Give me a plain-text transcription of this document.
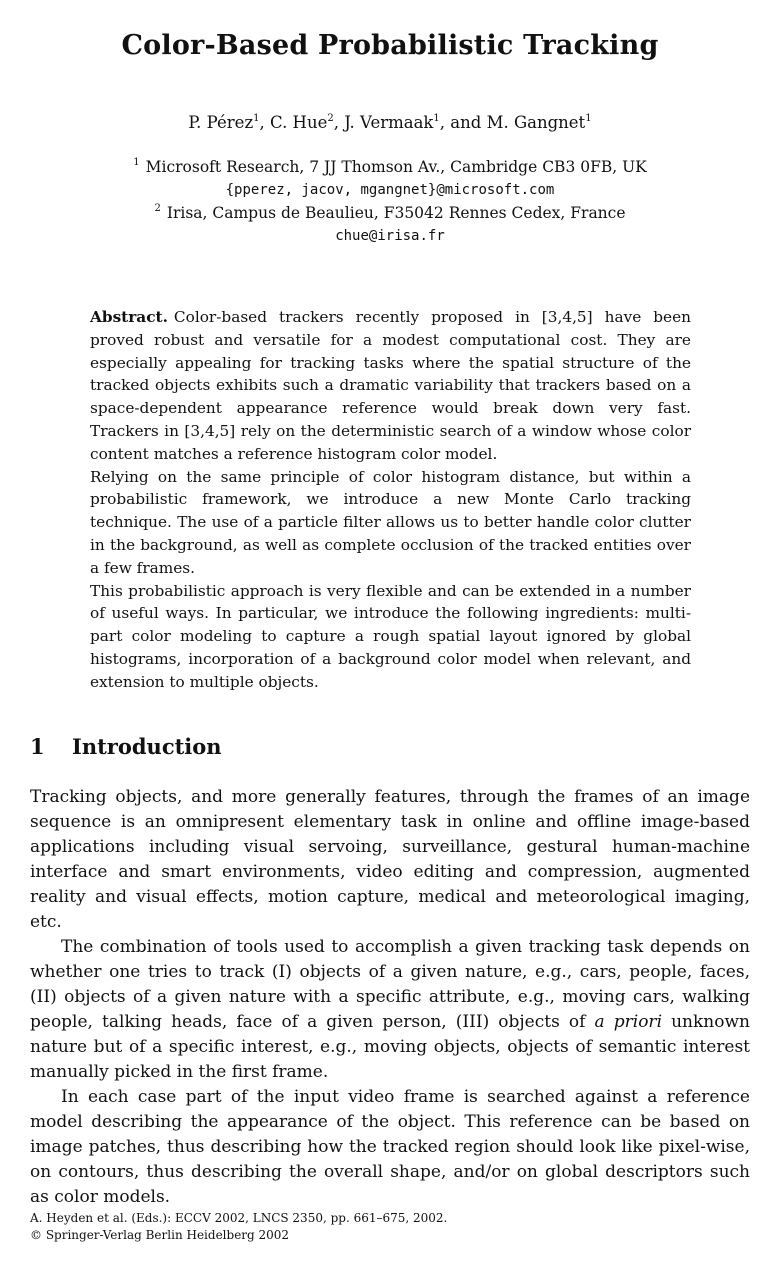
Color-Based Probabilistic Tracking
P. Pérez$^1$, C. Hue$^2$, J. Vermaak$^1$, and M. Gangnet$^1$
$^1$ Microsoft Research, 7 JJ Thomson Av., Cambridge CB3 0FB, UK
{pperez, jacov, mgangnet}@microsoft.com
$^2$ Irisa, Campus de Beaulieu, F35042 Rennes Cedex, France
chue@irisa.fr

Abstract. Color-based trackers recently proposed in [3,4,5] have been proved robust and versatile for a modest computational cost. They are especially appealing for tracking tasks where the spatial structure of the tracked objects exhibits such a dramatic variability that trackers based on a space-dependent appearance reference would break down very fast. Trackers in [3,4,5] rely on the deterministic search of a window whose color content matches a reference histogram color model.

Relying on the same principle of color histogram distance, but within a probabilistic framework, we introduce a new Monte Carlo tracking technique. The use of a particle filter allows us to better handle color clutter in the background, as well as complete occlusion of the tracked entities over a few frames.

This probabilistic approach is very flexible and can be extended in a number of useful ways. In particular, we introduce the following ingredients: multi-part color modeling to capture a rough spatial layout ignored by global histograms, incorporation of a background color model when relevant, and extension to multiple objects.

1 Introduction

Tracking objects, and more generally features, through the frames of an image sequence is an omnipresent elementary task in online and offline image-based applications including visual servoing, surveillance, gestural human-machine interface and smart environments, video editing and compression, augmented reality and visual effects, motion capture, medical and meteorological imaging, etc.

The combination of tools used to accomplish a given tracking task depends on whether one tries to track (I) objects of a given nature, e.g., cars, people, faces, (II) objects of a given nature with a specific attribute, e.g., moving cars, walking people, talking heads, face of a given person, (III) objects of a priori unknown nature but of a specific interest, e.g., moving objects, objects of semantic interest manually picked in the first frame.

In each case part of the input video frame is searched against a reference model describing the appearance of the object. This reference can be based on image patches, thus describing how the tracked region should look like pixel-wise, on contours, thus describing the overall shape, and/or on global descriptors such as color models.

A. Heyden et al. (Eds.): ECCV 2002, LNCS 2350, pp. 661–675, 2002.
© Springer-Verlag Berlin Heidelberg 2002
